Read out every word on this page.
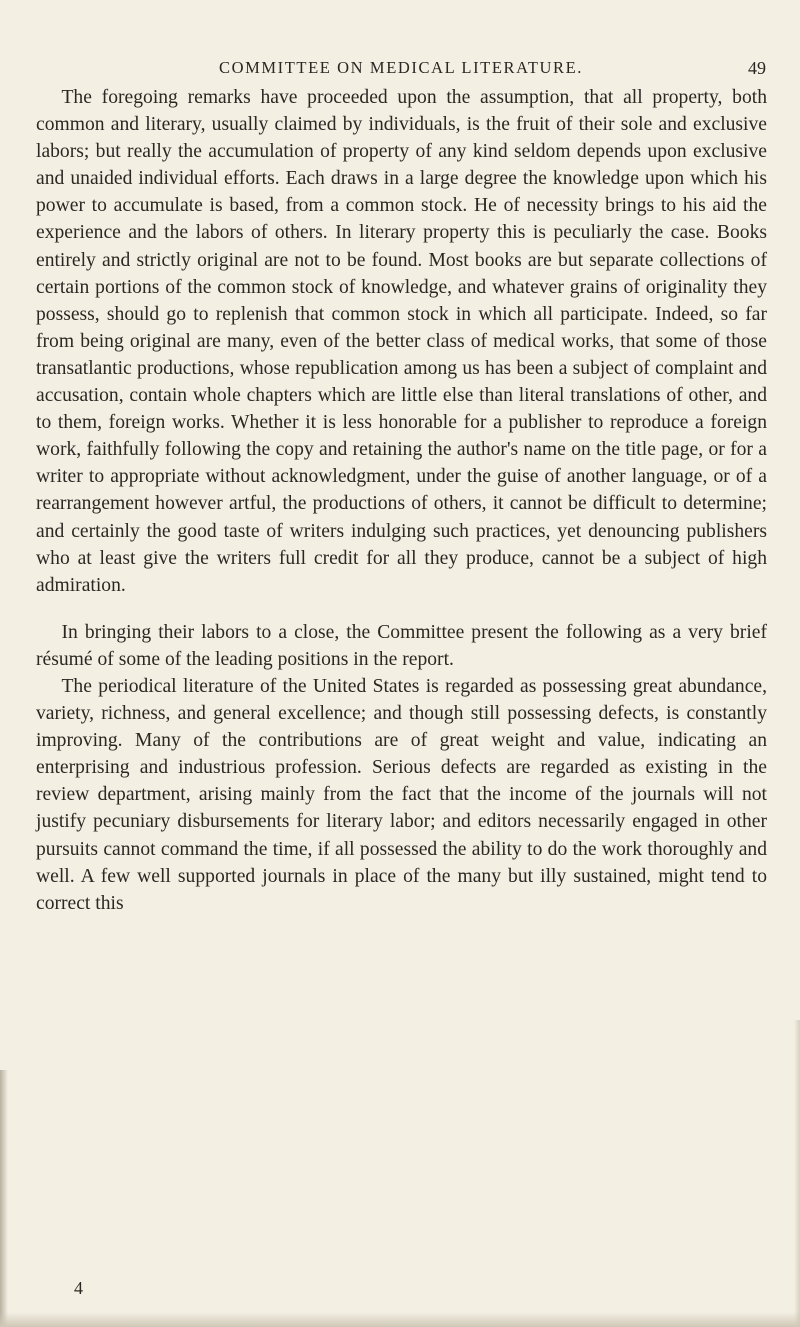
COMMITTEE ON MEDICAL LITERATURE.	49

The foregoing remarks have proceeded upon the assumption, that all property, both common and literary, usually claimed by individuals, is the fruit of their sole and exclusive labors; but really the accumulation of property of any kind seldom depends upon exclusive and unaided individual efforts. Each draws in a large degree the knowledge upon which his power to accumulate is based, from a common stock. He of necessity brings to his aid the experience and the labors of others. In literary property this is peculiarly the case. Books entirely and strictly original are not to be found. Most books are but separate collections of certain portions of the common stock of knowledge, and whatever grains of originality they possess, should go to replenish that common stock in which all participate. Indeed, so far from being original are many, even of the better class of medical works, that some of those transatlantic productions, whose republication among us has been a subject of complaint and accusation, contain whole chapters which are little else than literal translations of other, and to them, foreign works. Whether it is less honorable for a publisher to reproduce a foreign work, faithfully following the copy and retaining the author's name on the title page, or for a writer to appropriate without acknowledgment, under the guise of another language, or of a rearrangement however artful, the productions of others, it cannot be difficult to determine; and certainly the good taste of writers indulging such practices, yet denouncing publishers who at least give the writers full credit for all they produce, cannot be a subject of high admiration.

In bringing their labors to a close, the Committee present the following as a very brief résumé of some of the leading positions in the report.

The periodical literature of the United States is regarded as possessing great abundance, variety, richness, and general excellence; and though still possessing defects, is constantly improving. Many of the contributions are of great weight and value, indicating an enterprising and industrious profession. Serious defects are regarded as existing in the review department, arising mainly from the fact that the income of the journals will not justify pecuniary disbursements for literary labor; and editors necessarily engaged in other pursuits cannot command the time, if all possessed the ability to do the work thoroughly and well. A few well supported journals in place of the many but illy sustained, might tend to correct this

4
